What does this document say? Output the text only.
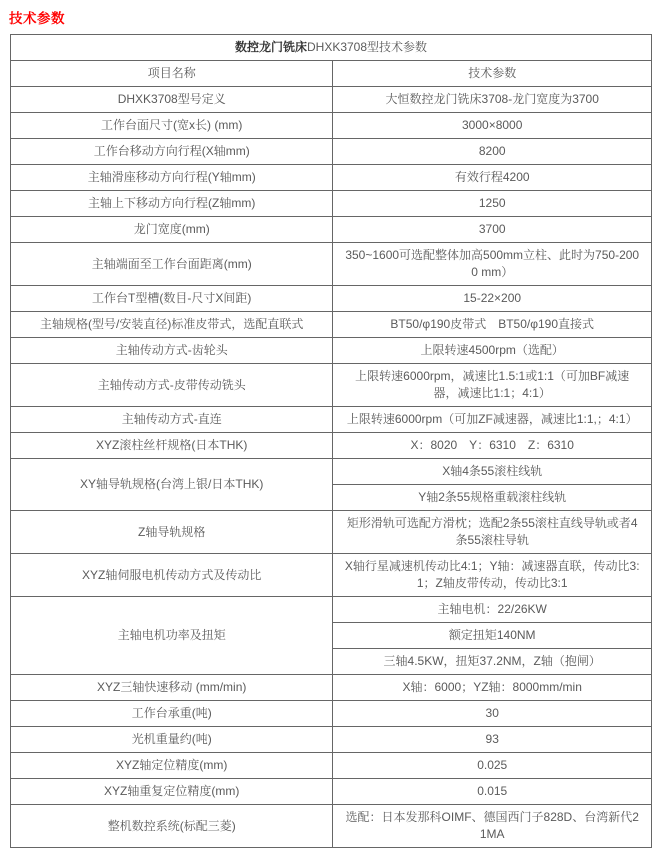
技术参数
数控龙门铣床DHXK3708型技术参数	
项目名称	技术参数
DHXK3708型号定义	大恒数控龙门铣床3708-龙门宽度为3700
工作台面尺寸(宽x长) (mm)	3000×8000
工作台移动方向行程(X轴mm)	8200
主轴滑座移动方向行程(Y轴mm)	有效行程4200
主轴上下移动方向行程(Z轴mm)	1250
龙门宽度(mm)	3700
主轴端面至工作台面距离(mm)	350~1600可选配整体加高500mm立柱、此时为750-2000 mm）
工作台T型槽(数目-尺寸X间距)	15-22×200
主轴规格(型号/安装直径)标准皮带式，选配直联式	BT50/φ190皮带式　BT50/φ190直接式
主轴传动方式-齿轮头	上限转速4500rpm（选配）
主轴传动方式-皮带传动铣头	上限转速6000rpm，减速比1.5:1或1:1（可加BF减速器，减速比1:1；4:1）
主轴传动方式-直连	上限转速6000rpm（可加ZF减速器，减速比1:1,；4:1）
XYZ滚柱丝杆规格(日本THK)	X：8020　Y：6310　Z：6310
XY轴导轨规格(台湾上银/日本THK)	X轴4条55滚柱线轨
	Y轴2条55规格重载滚柱线轨
Z轴导轨规格	矩形滑轨可选配方滑枕；选配2条55滚柱直线导轨或者4条55滚柱导轨
XYZ轴伺服电机传动方式及传动比	X轴行星减速机传动比4:1；Y轴：减速器直联，传动比3:1；Z轴皮带传动，传动比3:1
主轴电机功率及扭矩	主轴电机：22/26KW
	额定扭矩140NM
	三轴4.5KW，扭矩37.2NM，Z轴（抱闸）
XYZ三轴快速移动 (mm/min)	X轴：6000；YZ轴：8000mm/min
工作台承重(吨)	30
光机重量约(吨)	93
XYZ轴定位精度(mm)	0.025
XYZ轴重复定位精度(mm)	0.015
整机数控系统(标配三菱)	选配：日本发那科OIMF、德国西门子828D、台湾新代21MA
